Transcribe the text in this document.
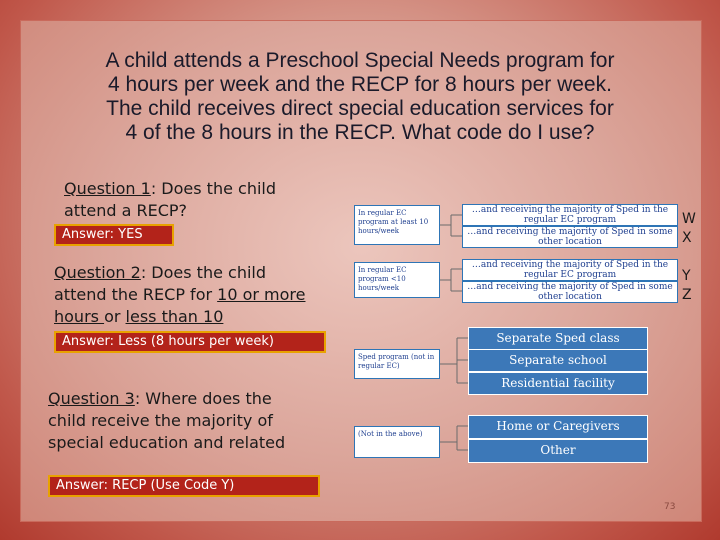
A child attends a Preschool Special Needs program for
4 hours per week and the RECP for 8 hours per week.
The child receives direct special education services for
4 of the 8 hours in the RECP. What code do I use?
Question 1: Does the child attend a RECP?
Answer: YES
Question 2: Does the child attend the RECP for 10 or more hours or less than 10
Answer: Less (8 hours per week)
Question 3: Where does the child receive the majority of special education and related
Answer: RECP (Use Code Y)
In regular EC program at least 10 hours/week
In regular EC program <10 hours/week
Sped program (not in regular EC)
(Not in the above)
…and receiving the majority of Sped in the regular EC program
…and receiving the majority of Sped in some other location
…and receiving the majority of Sped in the regular EC program
…and receiving the majority of Sped in some other location
W
X
Y
Z
Separate Sped class
Separate school
Residential facility
Home or Caregivers
Other
73
